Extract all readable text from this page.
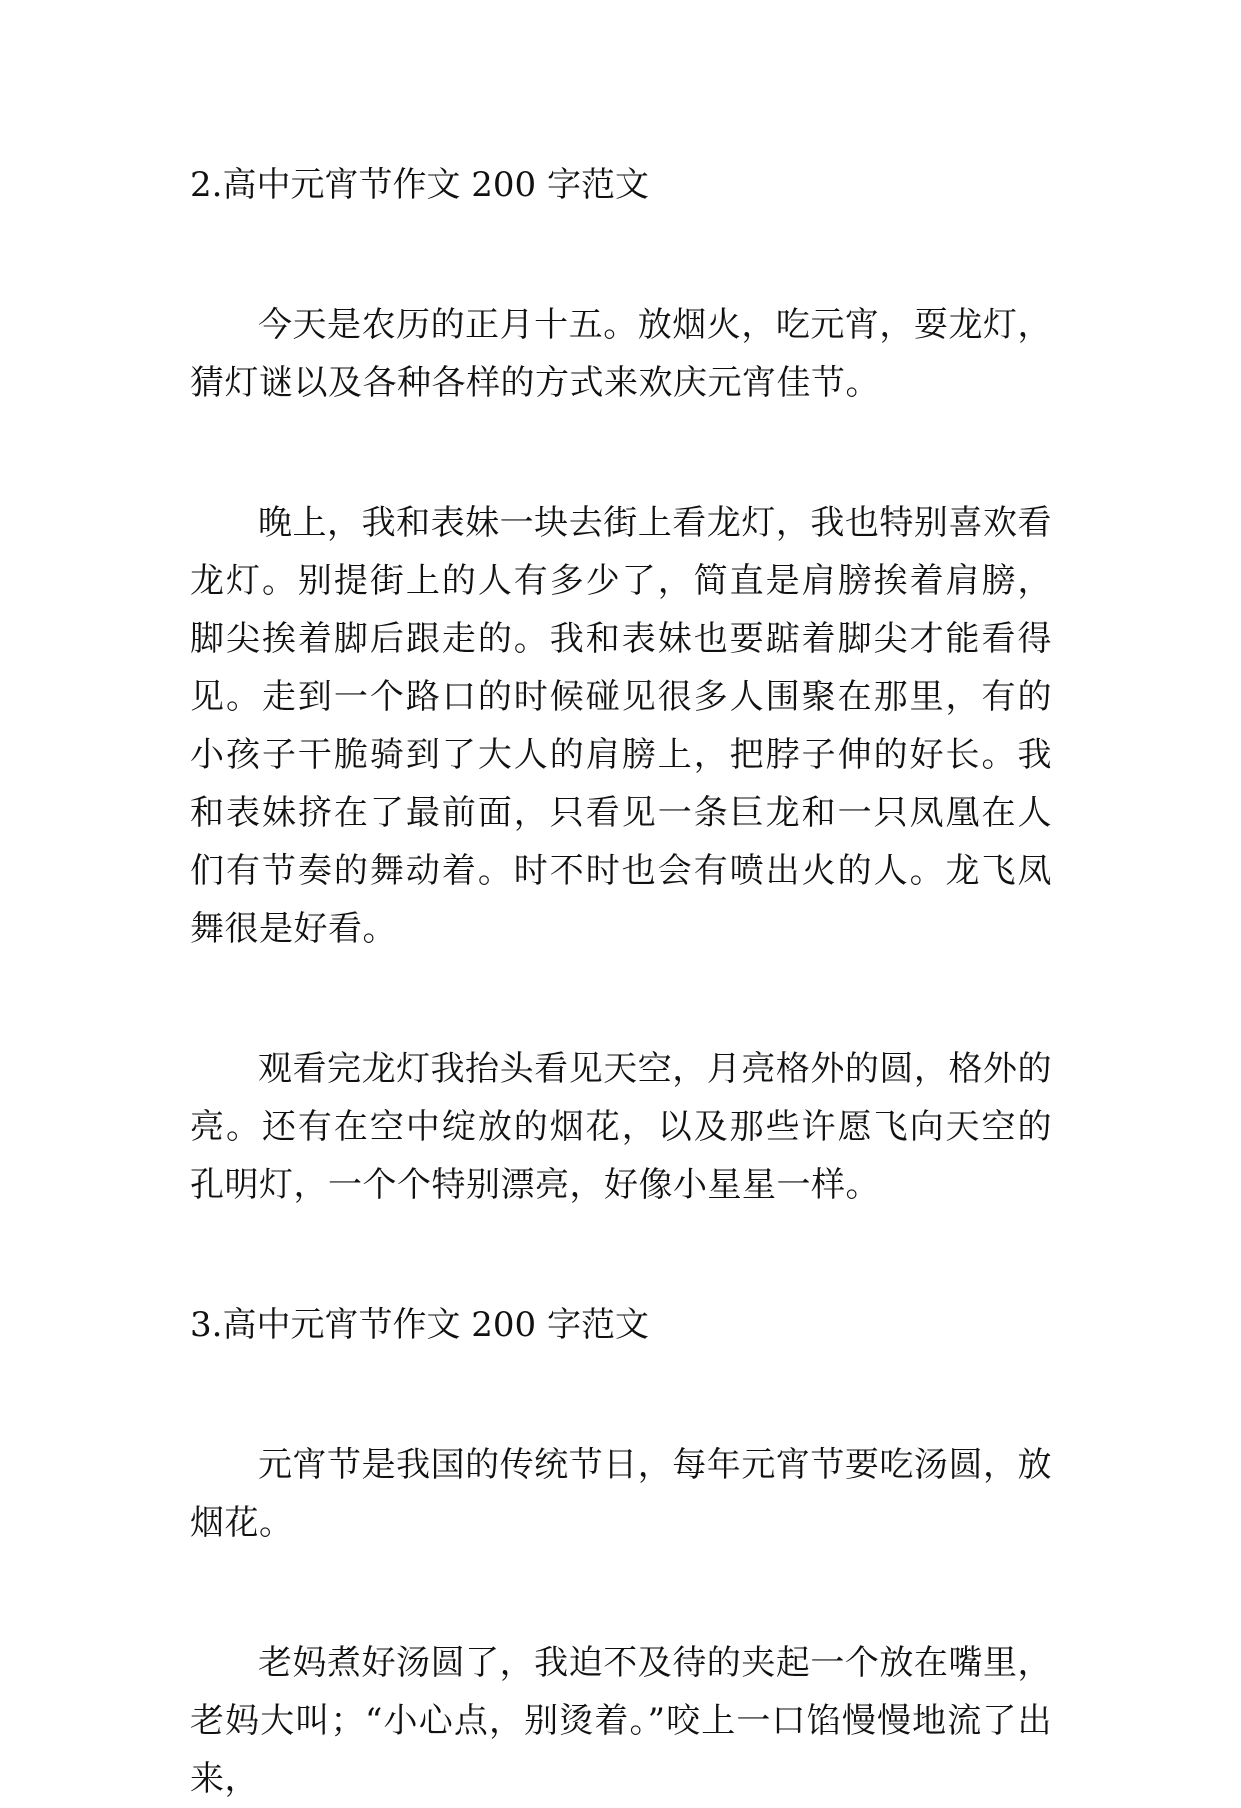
2.高中元宵节作文 200 字范文

今天是农历的正月十五。放烟火，吃元宵，耍龙灯，猜灯谜以及各种各样的方式来欢庆元宵佳节。

晚上，我和表妹一块去街上看龙灯，我也特别喜欢看龙灯。别提街上的人有多少了，简直是肩膀挨着肩膀，脚尖挨着脚后跟走的。我和表妹也要踮着脚尖才能看得见。走到一个路口的时候碰见很多人围聚在那里，有的小孩子干脆骑到了大人的肩膀上，把脖子伸的好长。我和表妹挤在了最前面，只看见一条巨龙和一只凤凰在人们有节奏的舞动着。时不时也会有喷出火的人。龙飞凤舞很是好看。

观看完龙灯我抬头看见天空，月亮格外的圆，格外的亮。还有在空中绽放的烟花，以及那些许愿飞向天空的孔明灯，一个个特别漂亮，好像小星星一样。

3.高中元宵节作文 200 字范文

元宵节是我国的传统节日，每年元宵节要吃汤圆，放烟花。

老妈煮好汤圆了，我迫不及待的夹起一个放在嘴里，老妈大叫；“小心点，别烫着。”咬上一口馅慢慢地流了出来，
